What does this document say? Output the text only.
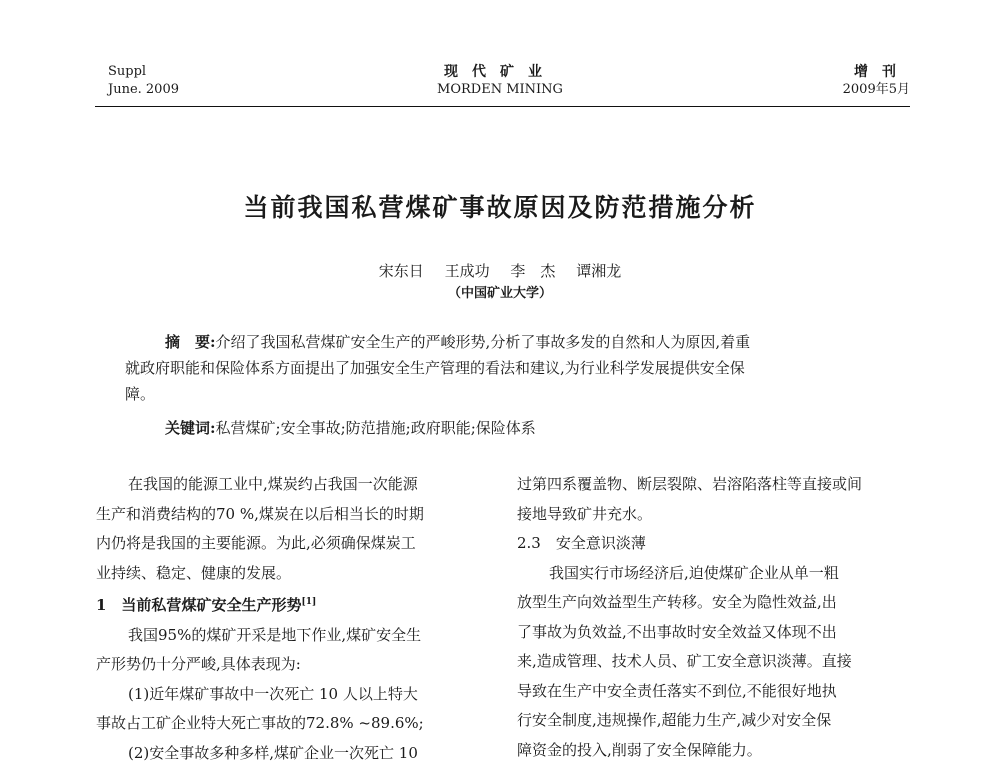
Suppl
June. 2009
现代矿业
MORDEN MINING
增刊
2009年5月
当前我国私营煤矿事故原因及防范措施分析
宋东日 王成功 李　杰 谭湘龙
（中国矿业大学）
摘　要:介绍了我国私营煤矿安全生产的严峻形势,分析了事故多发的自然和人为原因,着重
就政府职能和保险体系方面提出了加强安全生产管理的看法和建议,为行业科学发展提供安全保
障。
关键词:私营煤矿;安全事故;防范措施;政府职能;保险体系
在我国的能源工业中,煤炭约占我国一次能源
生产和消费结构的70 %,煤炭在以后相当长的时期
内仍将是我国的主要能源。为此,必须确保煤炭工
业持续、稳定、健康的发展。
1　当前私营煤矿安全生产形势[1]
我国95%的煤矿开采是地下作业,煤矿安全生
产形势仍十分严峻,具体表现为:
(1)近年煤矿事故中一次死亡 10 人以上特大
事故占工矿企业特大死亡事故的72.8% ~89.6%;
(2)安全事故多种多样,煤矿企业一次死亡 10
过第四系覆盖物、断层裂隙、岩溶陷落柱等直接或间
接地导致矿井充水。
2.3　安全意识淡薄
我国实行市场经济后,迫使煤矿企业从单一粗
放型生产向效益型生产转移。安全为隐性效益,出
了事故为负效益,不出事故时安全效益又体现不出
来,造成管理、技术人员、矿工安全意识淡薄。直接
导致在生产中安全责任落实不到位,不能很好地执
行安全制度,违规操作,超能力生产,减少对安全保
障资金的投入,削弱了安全保障能力。
